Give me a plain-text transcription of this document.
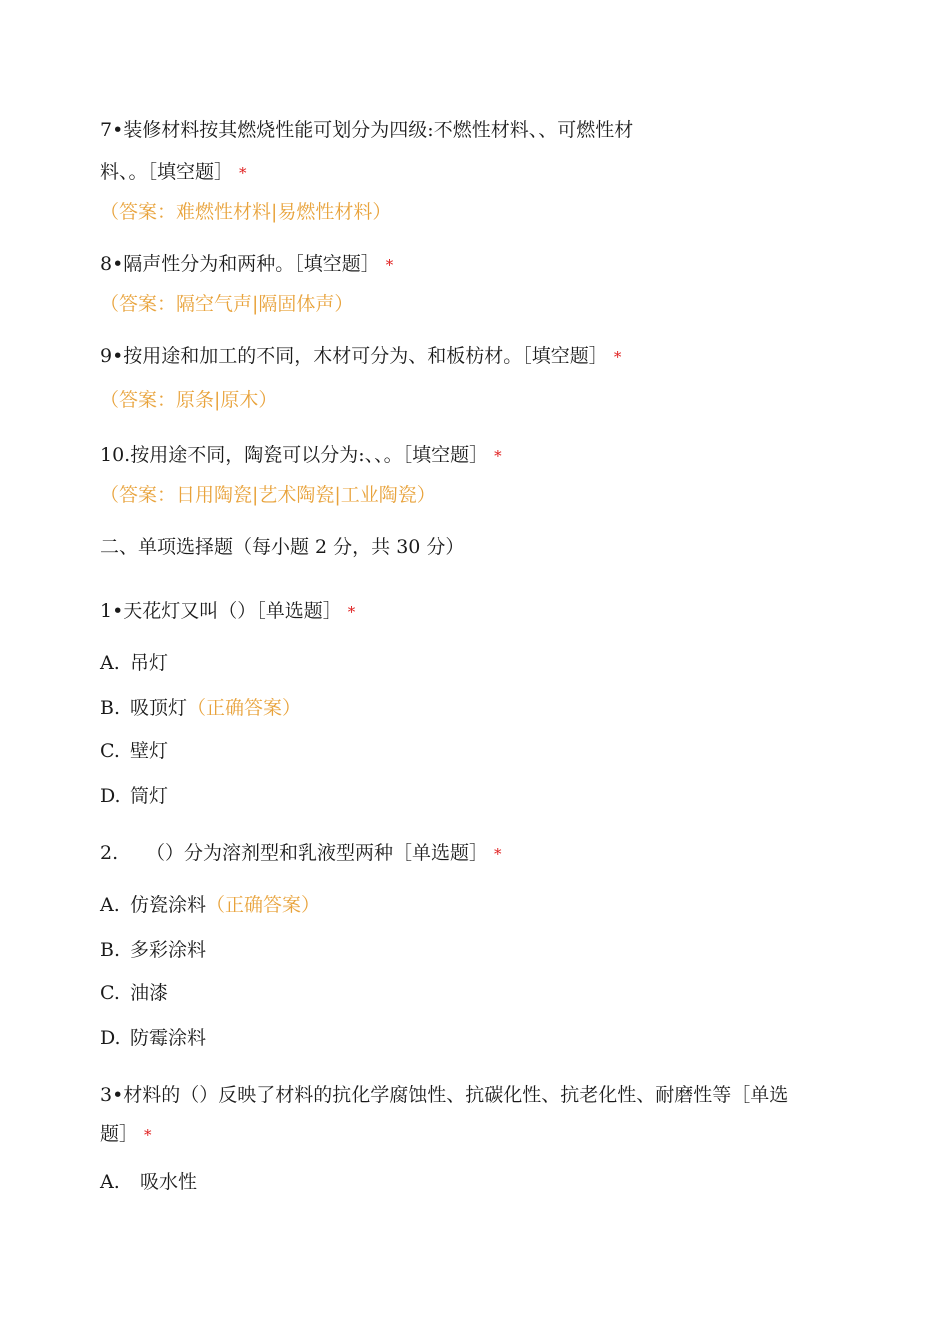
7•装修材料按其燃烧性能可划分为四级:不燃性材料、、可燃性材
料、。［填空题］ *
（答案：难燃性材料|易燃性材料）
8•隔声性分为和两种。［填空题］ *
（答案：隔空气声|隔固体声）
9•按用途和加工的不同，木材可分为、和板枋材。［填空题］ *
（答案：原条|原木）
10.按用途不同，陶瓷可以分为:、、。［填空题］ *
（答案：日用陶瓷|艺术陶瓷|工业陶瓷）
二、单项选择题（每小题 2 分，共 30 分）
1•天花灯又叫（）［单选题］ *
A. 吊灯
B. 吸顶灯（正确答案）
C. 壁灯
D. 筒灯
2. （）分为溶剂型和乳液型两种［单选题］ *
A. 仿瓷涂料（正确答案）
B. 多彩涂料
C. 油漆
D. 防霉涂料
3•材料的（）反映了材料的抗化学腐蚀性、抗碳化性、抗老化性、耐磨性等［单选
题］ *
A. 吸水性
